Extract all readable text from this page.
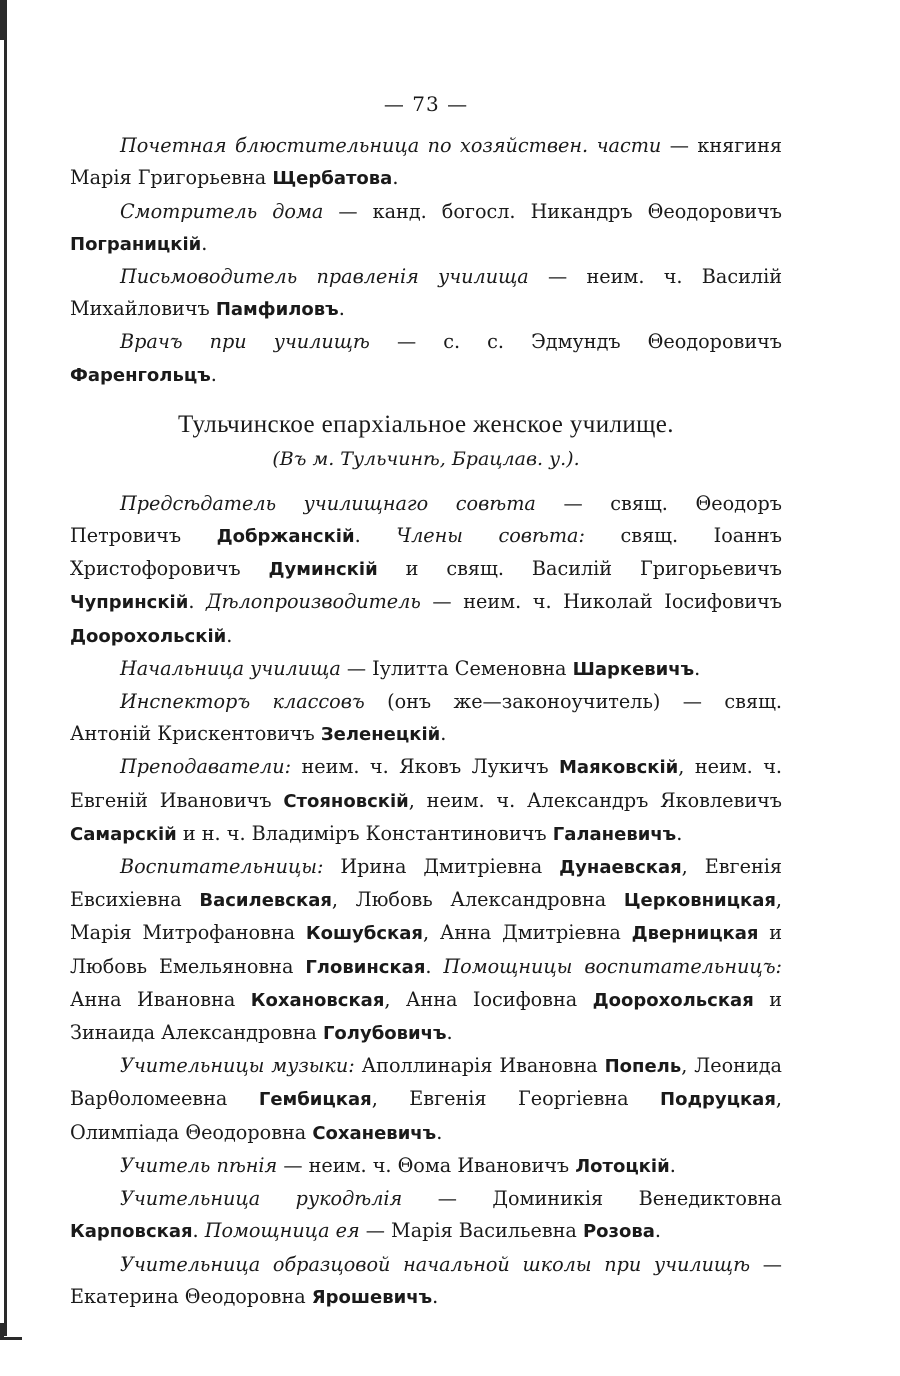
— 73 —

Почетная блюстительница по хозяйствен. части — княгиня Марія Григорьевна Щербатова.

Смотритель дома — канд. богосл. Никандръ Θеодоровичъ Пограницкій.

Письмоводитель правленія училища — неим. ч. Василій Михайловичъ Памфиловъ.

Врачъ при училищѣ — с. с. Эдмундъ Θеодоровичъ Фаренгольцъ.

Тульчинское епархіальное женское училище.
(Въ м. Тульчинѣ, Брацлав. у.).

Предсѣдатель училищнаго совѣта — свящ. Θеодоръ Петровичъ Добржанскій. Члены совѣта: свящ. Іоаннъ Христофоровичъ Думинскій и свящ. Василій Григорьевичъ Чупринскій. Дѣлопроизводитель — неим. ч. Николай Іосифовичъ Доорохольскій.

Начальница училища — Іулитта Семеновна Шаркевичъ.

Инспекторъ классовъ (онъ же—законоучитель) — свящ. Антоній Крискентовичъ Зеленецкій.

Преподаватели: неим. ч. Яковъ Лукичъ Маяковскій, неим. ч. Евгеній Ивановичъ Стояновскій, неим. ч. Александръ Яковлевичъ Самарскій и н. ч. Владиміръ Константиновичъ Галаневичъ.

Воспитательницы: Ирина Дмитріевна Дунаевская, Евгенія Евсихіевна Василевская, Любовь Александровна Церковницкая, Марія Митрофановна Кошубская, Анна Дмитріевна Дверницкая и Любовь Емельяновна Гловинская. Помощницы воспитательницъ: Анна Ивановна Кохановская, Анна Іосифовна Доорохольская и Зинаида Александровна Голубовичъ.

Учительницы музыки: Аполлинарія Ивановна Попель, Леонида Варθоломеевна Гембицкая, Евгенія Георгіевна Подруцкая, Олимпіада Θеодоровна Соханевичъ.

Учитель пѣнія — неим. ч. Θома Ивановичъ Лотоцкій.

Учительница рукодѣлія — Доминикія Венедиктовна Карповская. Помощница ея — Марія Васильевна Розова.

Учительница образцовой начальной школы при училищѣ — Екатерина Θеодоровна Ярошевичъ.
